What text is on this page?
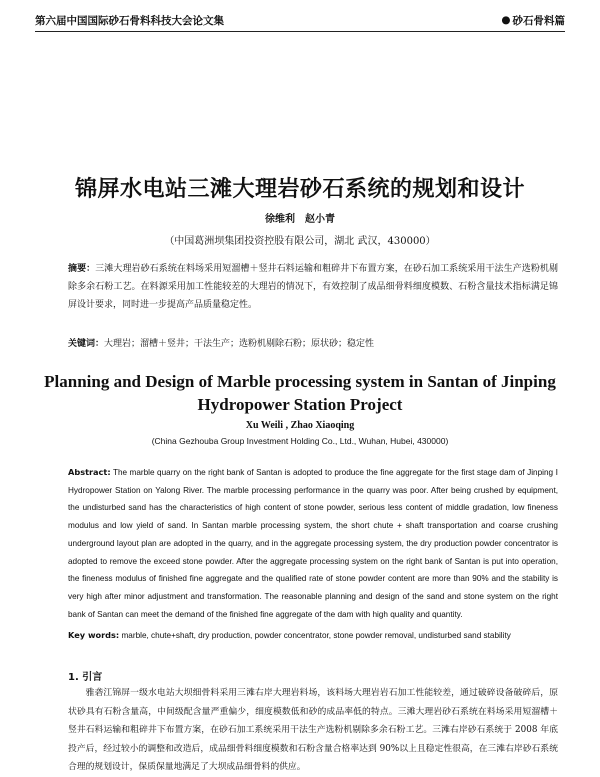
第六届中国国际砂石骨料科技大会论文集	● 砂石骨料篇
锦屏水电站三滩大理岩砂石系统的规划和设计
徐维利　赵小青
（中国葛洲坝集团投资控股有限公司，湖北 武汉，430000）
摘要：三滩大理岩砂石系统在料场采用短溜槽＋竖井石料运输和粗碎井下布置方案，在砂石加工系统采用干法生产选粉机剔除多余石粉工艺。在料源采用加工性能较差的大理岩的情况下，有效控制了成品细骨料细度模数、石粉含量技术指标满足锦屏设计要求，同时进一步提高产品质量稳定性。
关键词：大理岩；溜槽＋竖井；干法生产；选粉机剔除石粉；原状砂；稳定性
Planning and Design of Marble processing system in Santan of Jinping Hydropower Station Project
Xu Weili , Zhao Xiaoqing
(China Gezhouba Group Investment Holding Co., Ltd., Wuhan, Hubei, 430000)
Abstract: The marble quarry on the right bank of Santan is adopted to produce the fine aggregate for the first stage dam of Jinping Ⅰ Hydropower Station on Yalong River. The marble processing performance in the quarry was poor. After being crushed by equipment, the undisturbed sand has the characteristics of high content of stone powder, serious less content of middle gradation, low fineness modulus and low yield of sand. In Santan marble processing system, the short chute + shaft transportation and coarse crushing underground layout plan are adopted in the quarry, and in the aggregate processing system, the dry production powder concentrator is adopted to remove the exceed stone powder. After the aggregate processing system on the right bank of Santan is put into operation, the fineness modulus of finished fine aggregate and the qualified rate of stone powder content are more than 90% and the stability is very high after minor adjustment and transformation. The reasonable planning and design of the sand and stone system on the right bank of Santan can meet the demand of the finished fine aggregate of the dam with high quality and quantity.
Key words: marble, chute+shaft, dry production, powder concentrator, stone powder removal, undisturbed sand stability
1. 引言
雅砻江锦屏一级水电站大坝细骨料采用三滩右岸大理岩料场，该料场大理岩岩石加工性能较差，通过破碎设备破碎后，原状砂具有石粉含量高，中间级配含量严重偏少，细度模数低和砂的成品率低的特点。三滩大理岩砂石系统在料场采用短溜槽＋竖井石料运输和粗碎井下布置方案，在砂石加工系统采用干法生产选粉机剔除多余石粉工艺。三滩右岸砂石系统于 2008 年底投产后，经过较小的调整和改造后，成品细骨料细度模数和石粉含量合格率达到 90%以上且稳定性很高，在三滩右岸砂石系统合理的规划设计，保质保量地满足了大坝成品细骨料的供应。
